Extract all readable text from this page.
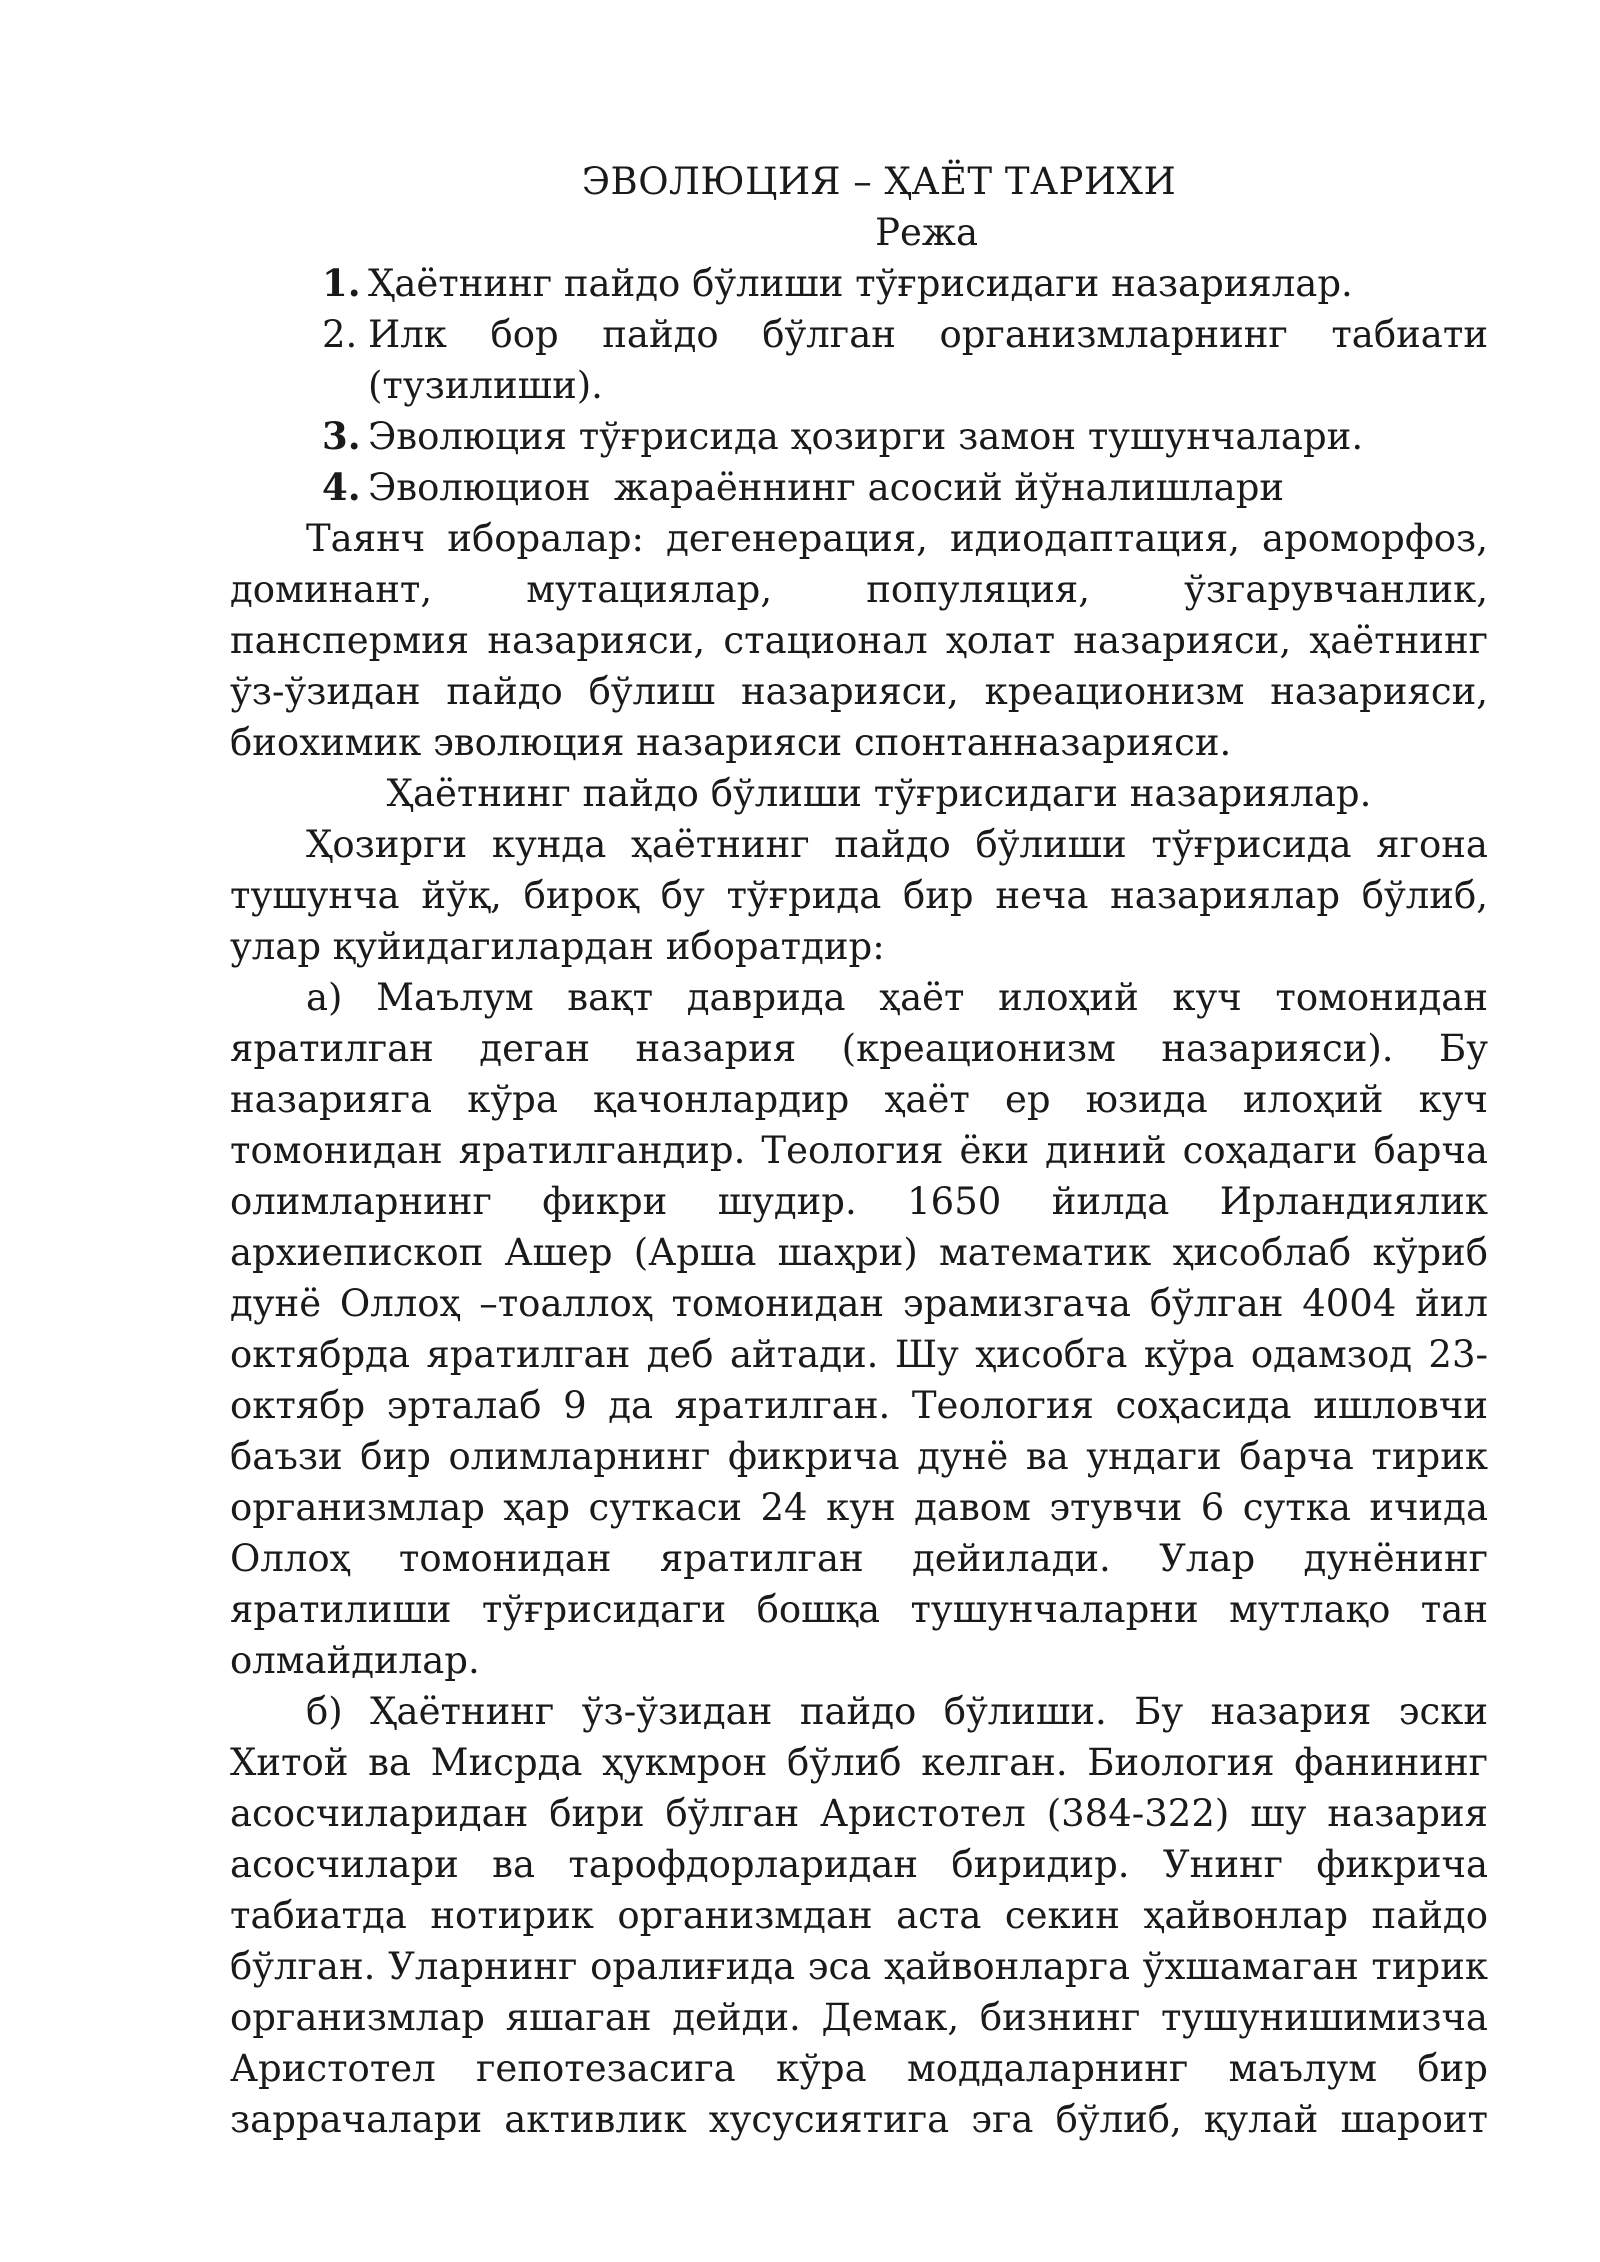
ЭВОЛЮЦИЯ – ҲАЁТ ТАРИХИ
Режа
1. Ҳаётнинг пайдо бўлиши тўғрисидаги назариялар.
2. Илк бор пайдо бўлган организмларнинг табиати
(тузилиши).
3. Эволюция тўғрисида ҳозирги замон тушунчалари.
4. Эволюцион  жараённинг асосий йўналишлари

Таянч иборалар: дегенерация, идиодаптация, ароморфоз, доминант, мутациялар, популяция, ўзгарувчанлик, панспермия назарияси, стационал ҳолат назарияси, ҳаётнинг ўз-ўзидан пайдо бўлиш назарияси, креационизм назарияси, биохимик эволюция назарияси спонтанназарияси.

Ҳаётнинг пайдо бўлиши тўғрисидаги назариялар.

Ҳозирги кунда ҳаётнинг пайдо бўлиши тўғрисида ягона тушунча йўқ, бироқ бу тўғрида бир неча назариялар бўлиб, улар қуйидагилардан иборатдир:

а) Маълум вақт даврида ҳаёт илоҳий куч томонидан яратилган деган назария (креационизм назарияси). Бу назарияга кўра қачонлардир ҳаёт ер юзида илоҳий куч томонидан яратилгандир. Теология ёки диний соҳадаги барча олимларнинг фикри шудир. 1650 йилда Ирландиялик архиепископ Ашер (Арша шаҳри) математик ҳисоблаб кўриб дунё Оллоҳ –тоаллоҳ томонидан эрамизгача бўлган 4004 йил октябрда яратилган деб айтади. Шу ҳисобга кўра одамзод 23-октябр эрталаб 9 да яратилган. Теология соҳасида ишловчи баъзи бир олимларнинг фикрича дунё ва ундаги барча тирик организмлар ҳар суткаси 24 кун давом этувчи 6 сутка ичида Оллоҳ томонидан яратилган дейилади. Улар дунёнинг яратилиши тўғрисидаги бошқа тушунчаларни мутлақо тан олмайдилар.

б) Ҳаётнинг ўз-ўзидан пайдо бўлиши. Бу назария эски Хитой ва Мисрда ҳукмрон бўлиб келган. Биология фанининг асосчиларидан бири бўлган Аристотел (384-322) шу назария асосчилари ва тарофдорларидан биридир. Унинг фикрича табиатда нотирик организмдан аста секин ҳайвонлар пайдо бўлган. Уларнинг оралиғида эса ҳайвонларга ўхшамаган тирик организмлар яшаган дейди. Демак, бизнинг тушунишимизча Аристотел гепотезасига кўра моддаларнинг маълум бир заррачалари активлик хусусиятига эга бўлиб, қулай шароит
